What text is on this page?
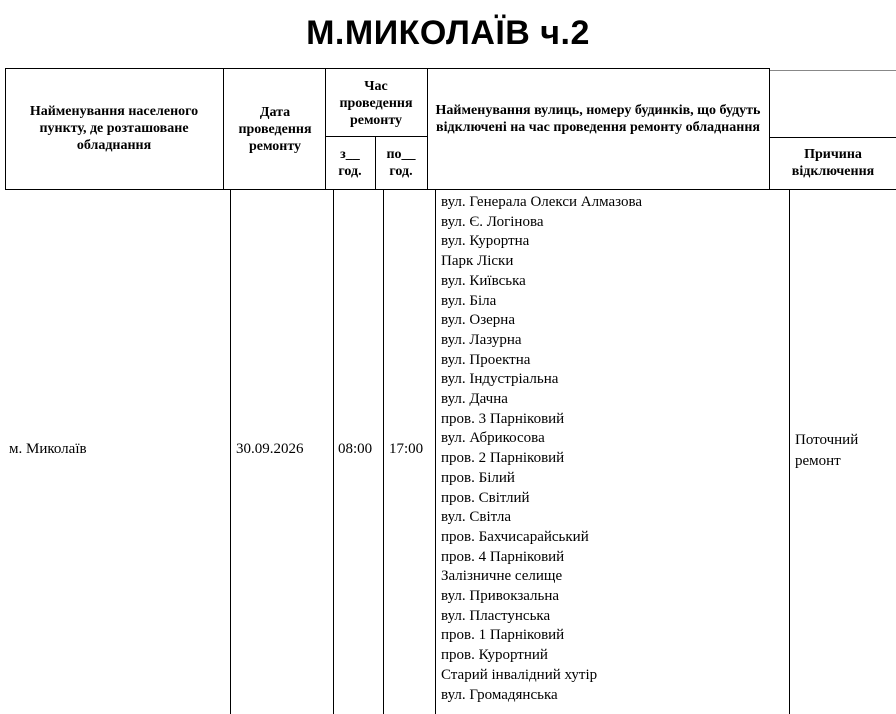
М.МИКОЛАЇВ ч.2
Найменування населеного пункту, де розташоване обладнання
Дата проведення ремонту
Час проведення ремонту
з__ год.
по__ год.
Найменування вулиць, номеру будинків, що будуть відключені на час проведення ремонту обладнання
Причина відключення
м. Миколаїв	30.09.2026 08:00 17:00
Поточний ремонт
вул. Генерала Олекси Алмазова
вул. Є. Логінова
вул. Курортна
Парк Ліски
вул. Київська
вул. Біла
вул. Озерна
вул. Лазурна
вул. Проектна
вул. Індустріальна
вул. Дачна
пров. 3 Парніковий
вул. Абрикосова
пров. 2 Парніковий
пров. Білий
пров. Світлий
вул. Світла
пров. Бахчисарайський
пров. 4 Парніковий
Залізничне селище
вул. Привокзальна
вул. Пластунська
пров. 1 Парніковий
пров. Курортний
Старий інвалідний хутір
вул. Громадянська
